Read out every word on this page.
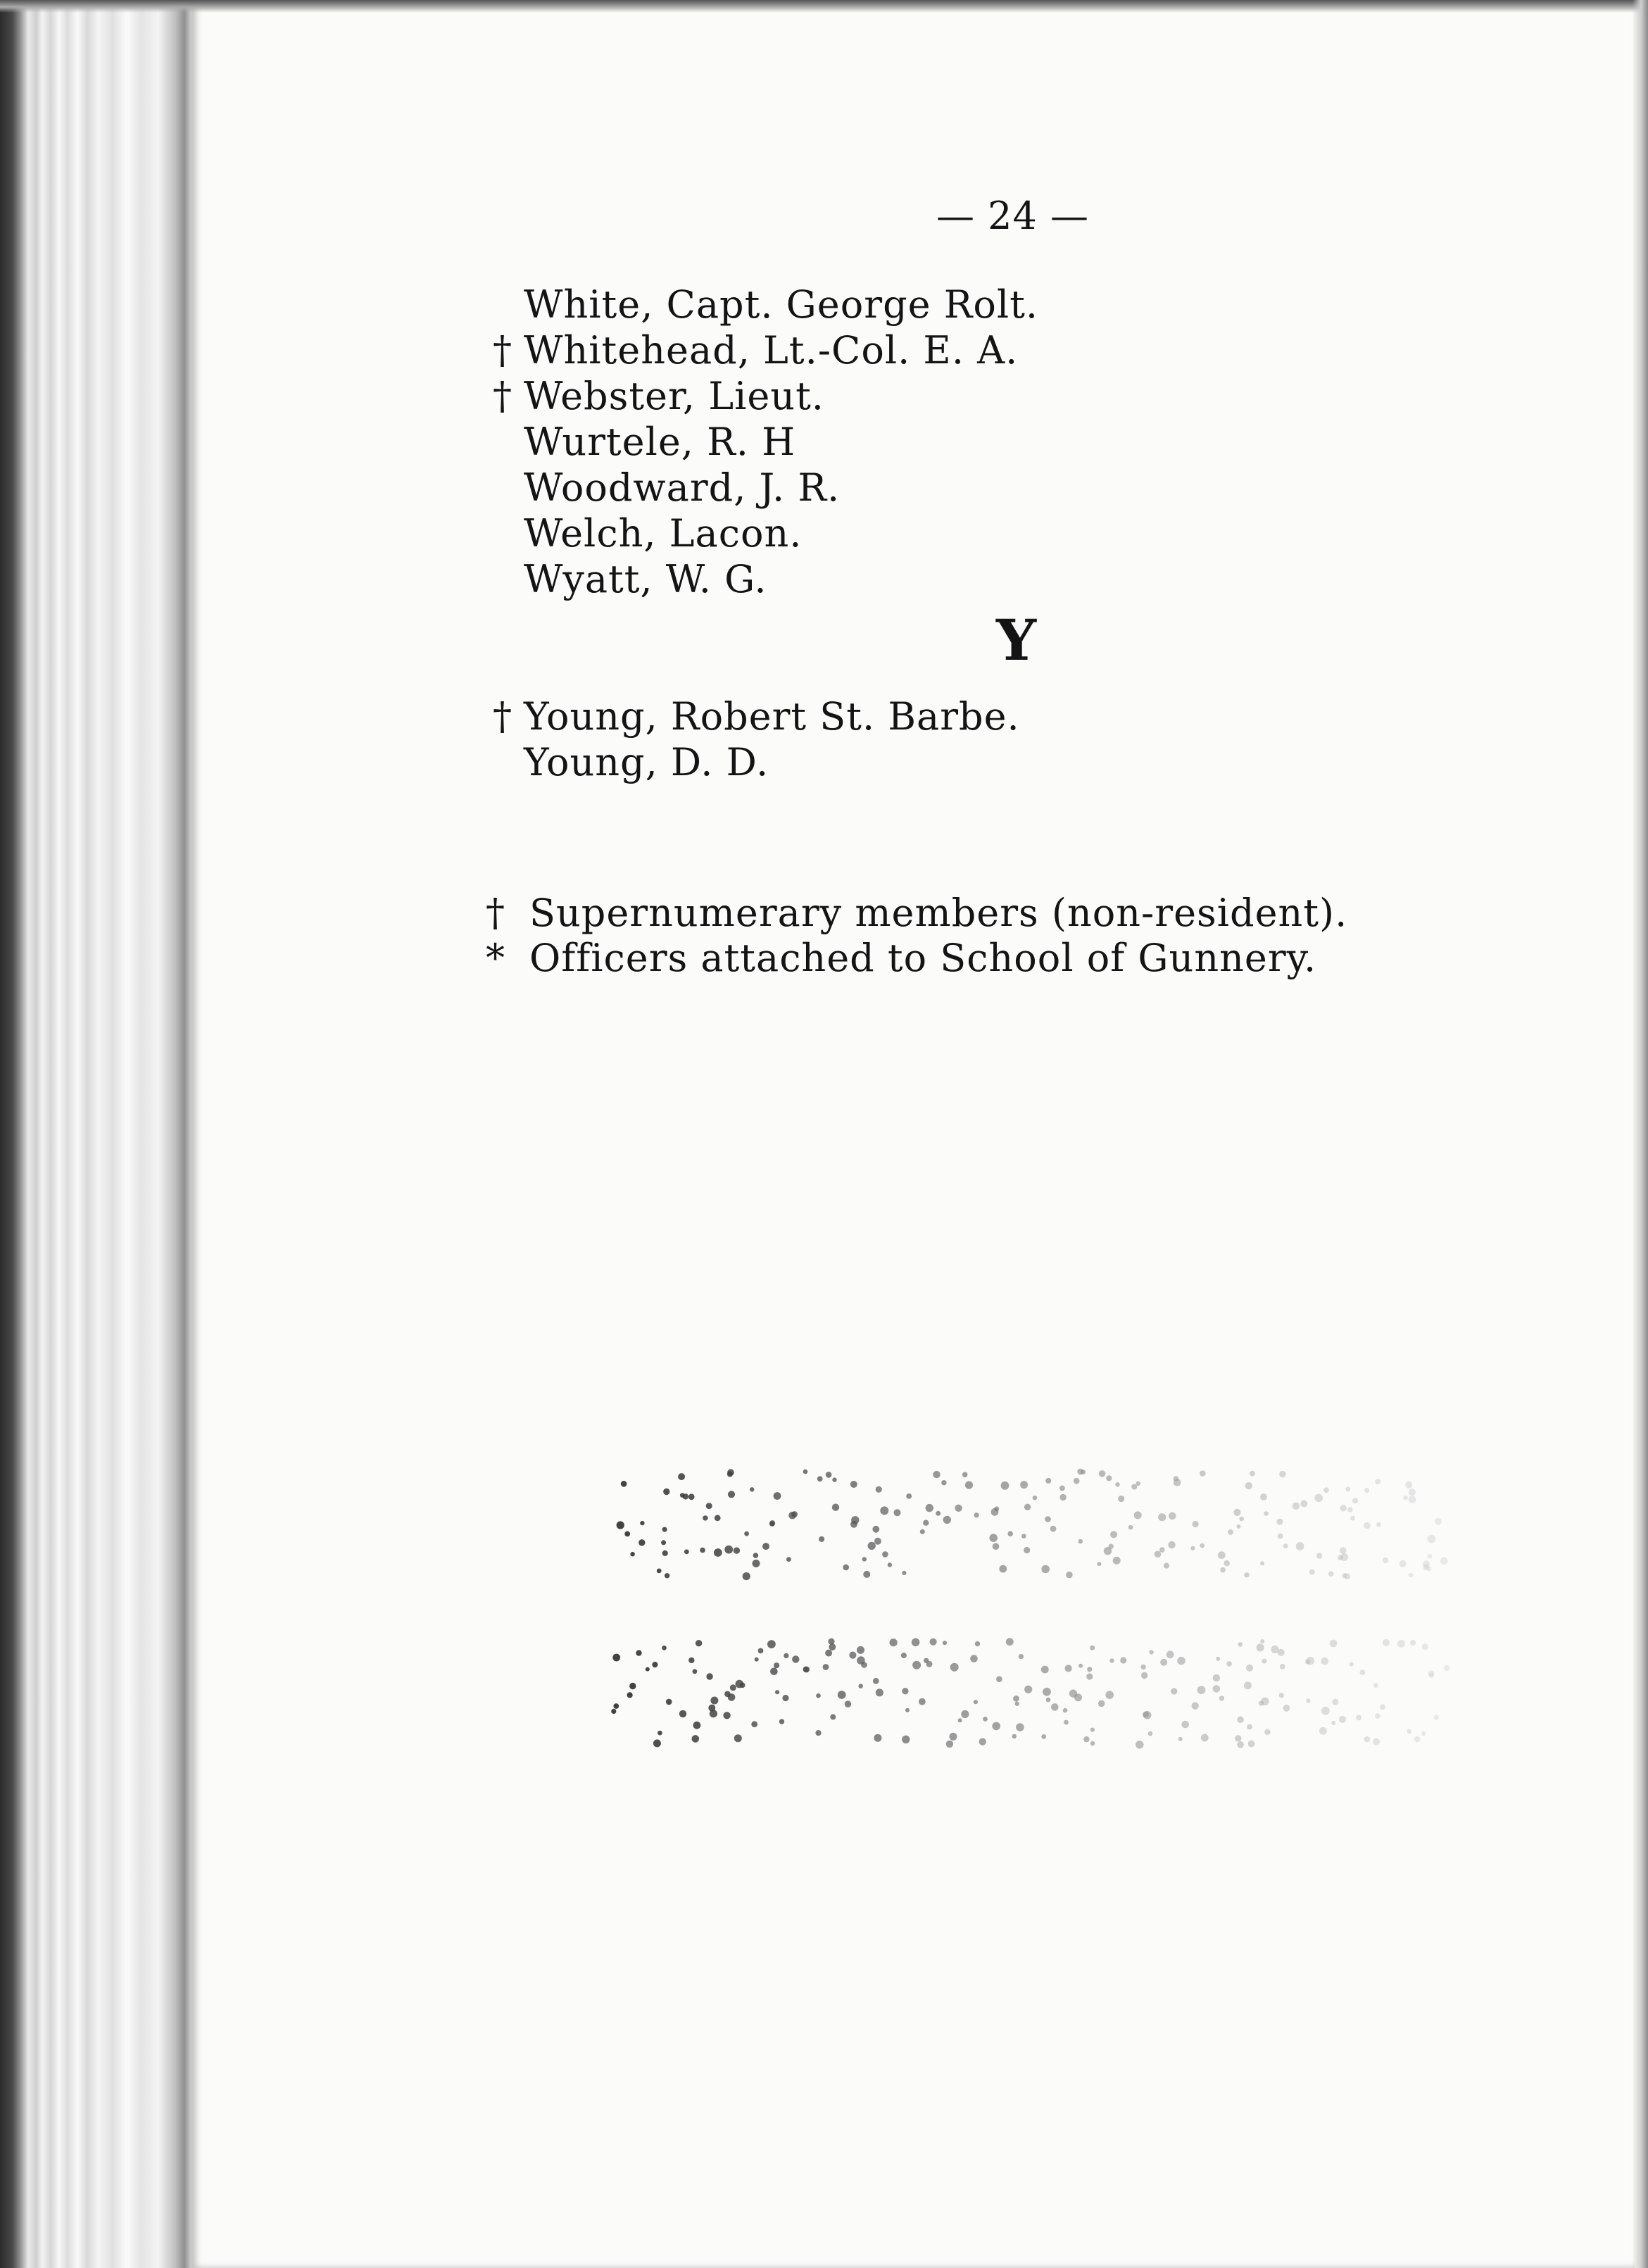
— 24 —
White, Capt. George Rolt.
† Whitehead, Lt.-Col. E. A.
† Webster, Lieut.
Wurtele, R. H
Woodward, J. R.
Welch, Lacon.
Wyatt, W. G.
Y
† Young, Robert St. Barbe.
Young, D. D.
† Supernumerary members (non-resident).
* Officers attached to School of Gunnery.
